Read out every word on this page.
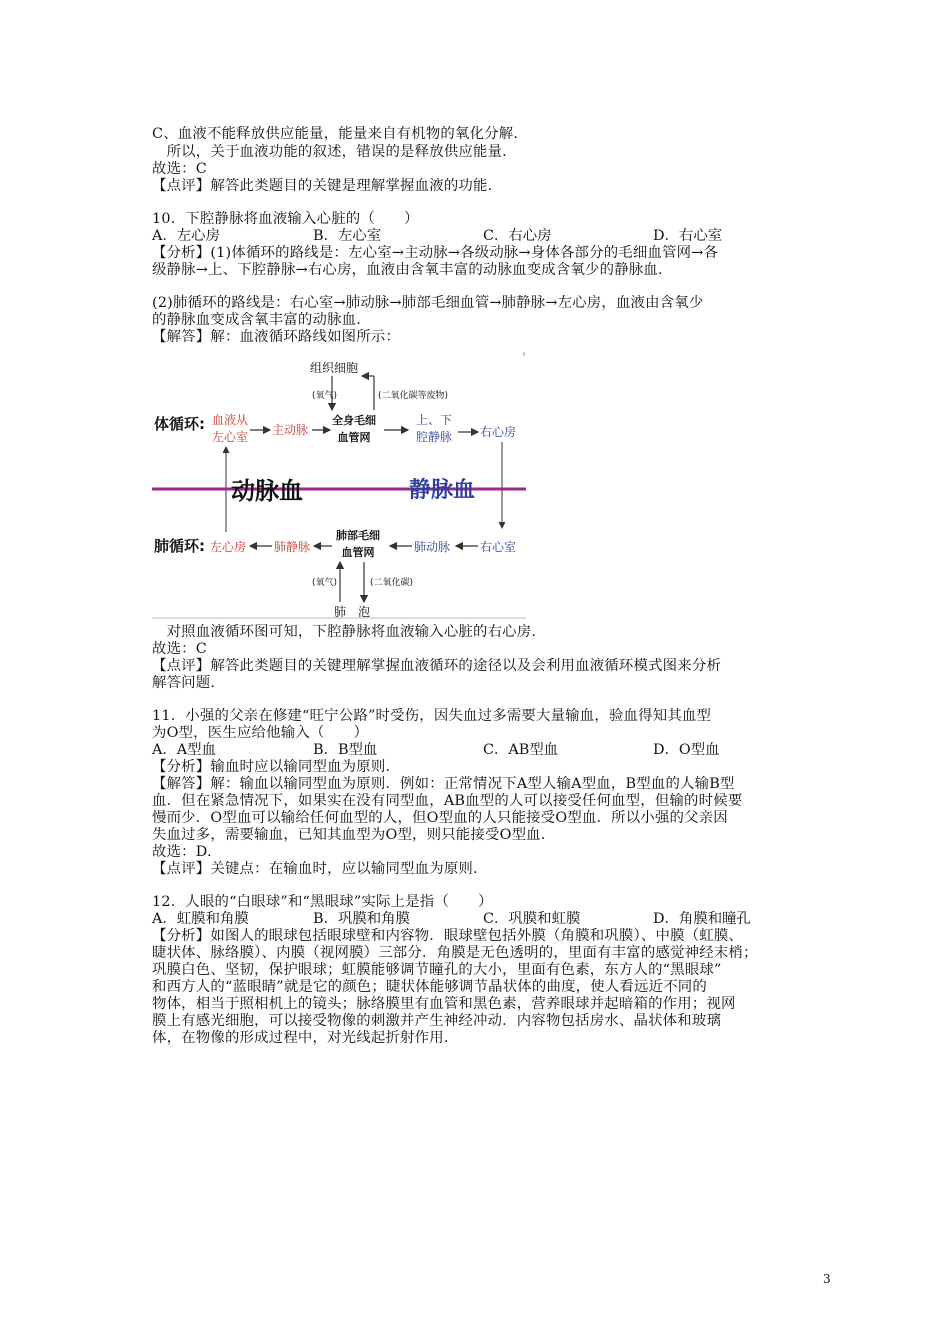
C、血液不能释放供应能量，能量来自有机物的氧化分解.

　所以，关于血液功能的叙述，错误的是释放供应能量.

故选：C

【点评】解答此类题目的关键是理解掌握血液的功能.

10．下腔静脉将血液输入心脏的（　　）

A．左心房	B．左心室	C．右心房	D．右心室

【分析】(1)体循环的路线是：左心室→主动脉→各级动脉→身体各部分的毛细血管网→各

级静脉→上、下腔静脉→右心房，血液由含氧丰富的动脉血变成含氧少的静脉血.

(2)肺循环的路线是：右心室→肺动脉→肺部毛细血管→肺静脉→左心房，血液由含氧少

的静脉血变成含氧丰富的动脉血.

【解答】解：血液循环路线如图所示：

体循环:
肺循环:
组织细胞
(氧气)	(二氧化碳等废物)
血液从
左心室 主动脉
全身毛细
血管网
上、下
腔静脉 右心房
动脉血	静脉血
左心房 肺静脉
肺部毛细
血管网	肺动脉 右心室
(氧气)	(二氧化碳)
肺　泡

　对照血液循环图可知，下腔静脉将血液输入心脏的右心房.

故选：C

【点评】解答此类题目的关键理解掌握血液循环的途径以及会利用血液循环模式图来分析

解答问题.

11．小强的父亲在修建“旺宁公路”时受伤，因失血过多需要大量输血，验血得知其血型

为O型，医生应给他输入（　　）

A．A型血	B．B型血	C．AB型血	D．O型血

【分析】输血时应以输同型血为原则.

【解答】解：输血以输同型血为原则．例如：正常情况下A型人输A型血，B型血的人输B型

血．但在紧急情况下，如果实在没有同型血，AB血型的人可以接受任何血型，但输的时候要

慢而少．O型血可以输给任何血型的人，但O型血的人只能接受O型血．所以小强的父亲因

失血过多，需要输血，已知其血型为O型，则只能接受O型血.

故选：D.

【点评】关键点：在输血时，应以输同型血为原则.

12．人眼的“白眼球”和“黑眼球”实际上是指（　　）

A．虹膜和角膜	B．巩膜和角膜	C．巩膜和虹膜	D．角膜和瞳孔

【分析】如图人的眼球包括眼球壁和内容物．眼球壁包括外膜（角膜和巩膜）、中膜（虹膜、

睫状体、脉络膜）、内膜（视网膜）三部分．角膜是无色透明的，里面有丰富的感觉神经末梢；

巩膜白色、坚韧，保护眼球；虹膜能够调节瞳孔的大小，里面有色素，东方人的“黑眼球”

和西方人的“蓝眼睛”就是它的颜色；睫状体能够调节晶状体的曲度，使人看远近不同的

物体，相当于照相机上的镜头；脉络膜里有血管和黑色素，营养眼球并起暗箱的作用；视网

膜上有感光细胞，可以接受物像的刺激并产生神经冲动．内容物包括房水、晶状体和玻璃

体，在物像的形成过程中，对光线起折射作用.

3
